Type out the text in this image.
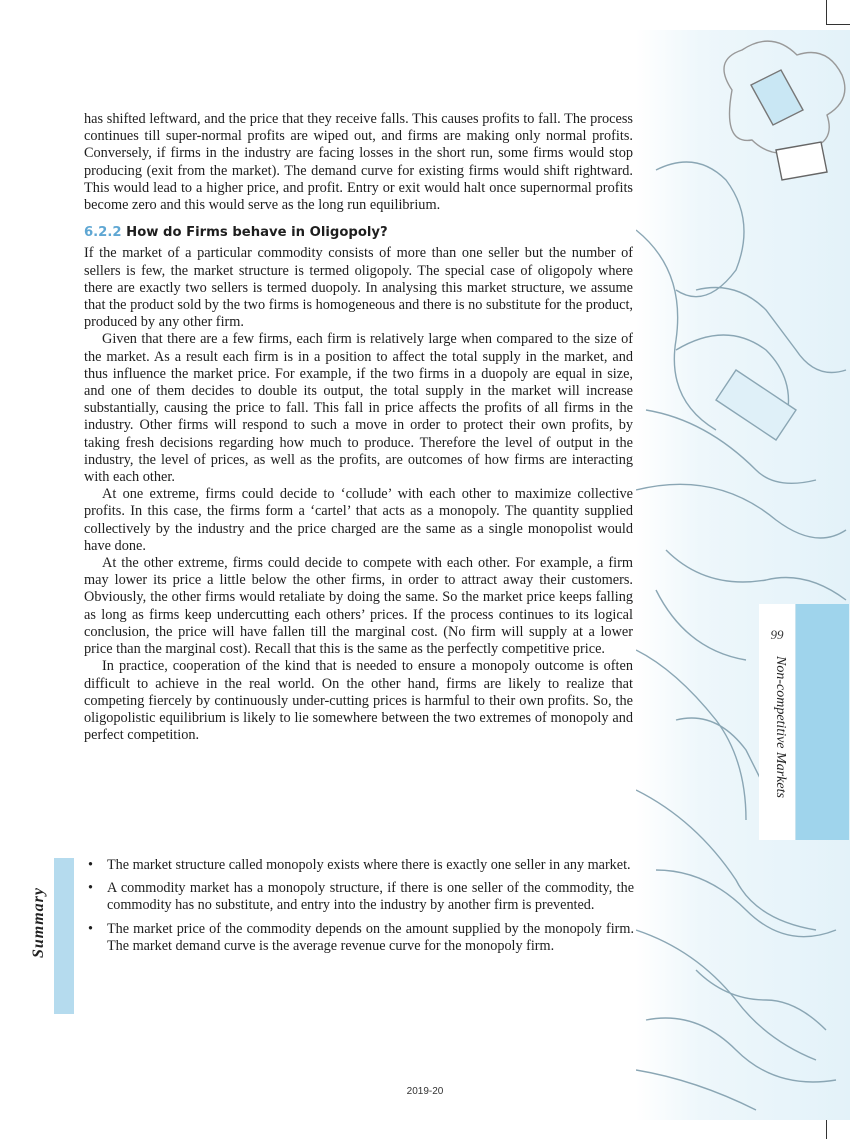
99
Non-competitive Markets

has shifted leftward, and the price that they receive falls. This causes profits to fall. The process continues till super-normal profits are wiped out, and firms are making only normal profits. Conversely, if firms in the industry are facing losses in the short run, some firms would stop producing (exit from the market). The demand curve for existing firms would shift rightward. This would lead to a higher price, and profit. Entry or exit would halt once supernormal profits become zero and this would serve as the long run equilibrium.

6.2.2 How do Firms behave in Oligopoly?

If the market of a particular commodity consists of more than one seller but the number of sellers is few, the market structure is termed oligopoly. The special case of oligopoly where there are exactly two sellers is termed duopoly. In analysing this market structure, we assume that the product sold by the two firms is homogeneous and there is no substitute for the product, produced by any other firm.

Given that there are a few firms, each firm is relatively large when compared to the size of the market. As a result each firm is in a position to affect the total supply in the market, and thus influence the market price. For example, if the two firms in a duopoly are equal in size, and one of them decides to double its output, the total supply in the market will increase substantially, causing the price to fall. This fall in price affects the profits of all firms in the industry. Other firms will respond to such a move in order to protect their own profits, by taking fresh decisions regarding how much to produce. Therefore the level of output in the industry, the level of prices, as well as the profits, are outcomes of how firms are interacting with each other.

At one extreme, firms could decide to ‘collude’ with each other to maximize collective profits. In this case, the firms form a ‘cartel’ that acts as a monopoly. The quantity supplied collectively by the industry and the price charged are the same as a single monopolist would have done.

At the other extreme, firms could decide to compete with each other. For example, a firm may lower its price a little below the other firms, in order to attract away their customers. Obviously, the other firms would retaliate by doing the same. So the market price keeps falling as long as firms keep undercutting each others’ prices. If the process continues to its logical conclusion, the price will have fallen till the marginal cost. (No firm will supply at a lower price than the marginal cost). Recall that this is the same as the perfectly competitive price.

In practice, cooperation of the kind that is needed to ensure a monopoly outcome is often difficult to achieve in the real world. On the other hand, firms are likely to realize that competing fiercely by continuously under-cutting prices is harmful to their own profits. So, the oligopolistic equilibrium is likely to lie somewhere between the two extremes of monopoly and perfect competition.

Summary
• The market structure called monopoly exists where there is exactly one seller in any market.
• A commodity market has a monopoly structure, if there is one seller of the commodity, the commodity has no substitute, and entry into the industry by another firm is prevented.
• The market price of the commodity depends on the amount supplied by the monopoly firm. The market demand curve is the average revenue curve for the monopoly firm.
2019-20
